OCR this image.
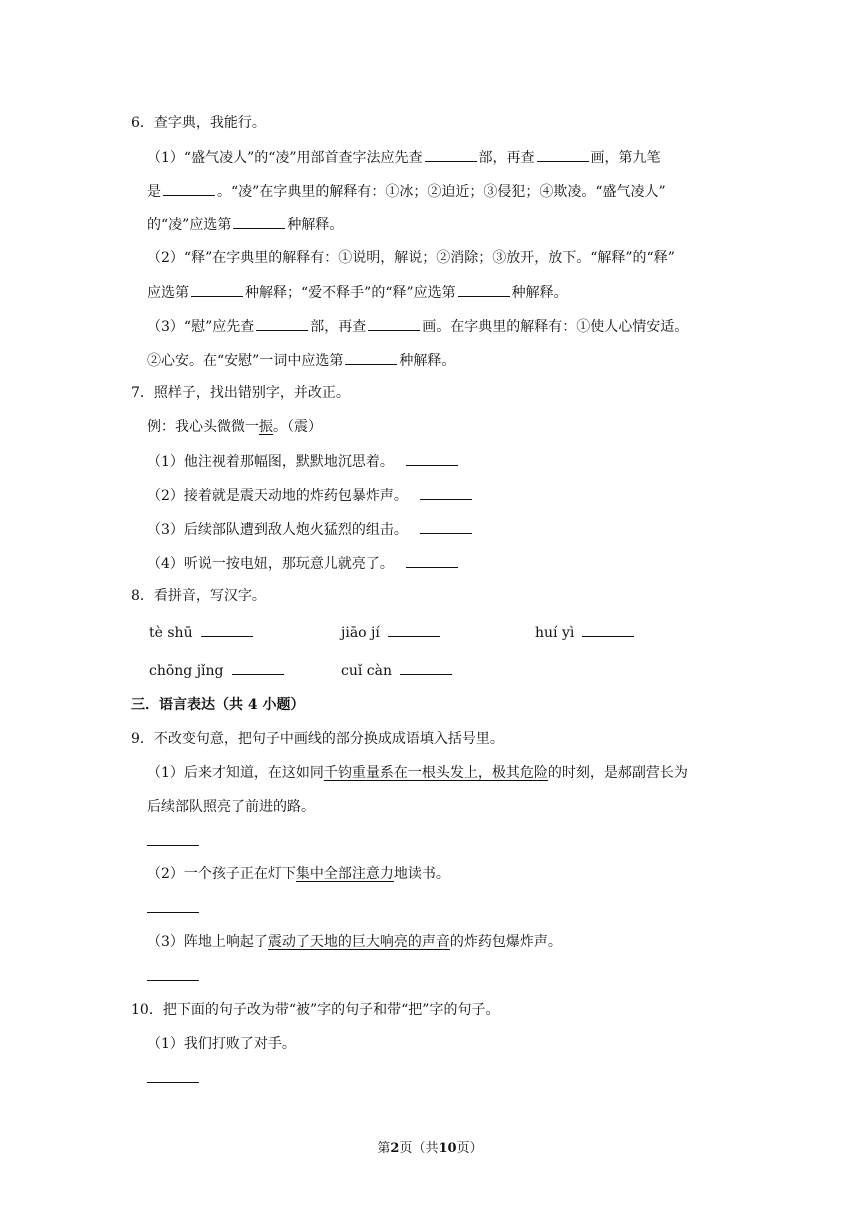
6．查字典，我能行。
（1）“盛气凌人”的“凌”用部首查字法应先查	部，再查	画，第九笔
是	。“凌”在字典里的解释有：①冰；②迫近；③侵犯；④欺凌。“盛气凌人”
的“凌”应选第	种解释。
（2）“释”在字典里的解释有：①说明，解说；②消除；③放开，放下。“解释”的“释”
应选第	种解释；“爱不释手”的“释”应选第	种解释。
（3）“慰”应先查	部，再查	画。在字典里的解释有：①使人心情安适。
②心安。在“安慰”一词中应选第	种解释。
7．照样子，找出错别字，并改正。
例：我心头微微一振。（震）
（1）他注视着那幅图，默默地沉思着。
（2）接着就是震天动地的炸药包暴炸声。
（3）后续部队遭到敌人炮火猛烈的组击。
（4）听说一按电妞，那玩意儿就亮了。
8．看拼音，写汉字。
tè shū	jiāo jí	huí yì
chōng jǐng	cuǐ càn
三．语言表达（共 4 小题）
9．不改变句意，把句子中画线的部分换成成语填入括号里。
（1）后来才知道，在这如同千钧重量系在一根头发上，极其危险的时刻，是郝副营长为
后续部队照亮了前进的路。
（2）一个孩子正在灯下集中全部注意力地读书。
（3）阵地上响起了震动了天地的巨大响亮的声音的炸药包爆炸声。
10．把下面的句子改为带“被”字的句子和带“把”字的句子。
（1）我们打败了对手。
第2页（共10页）
